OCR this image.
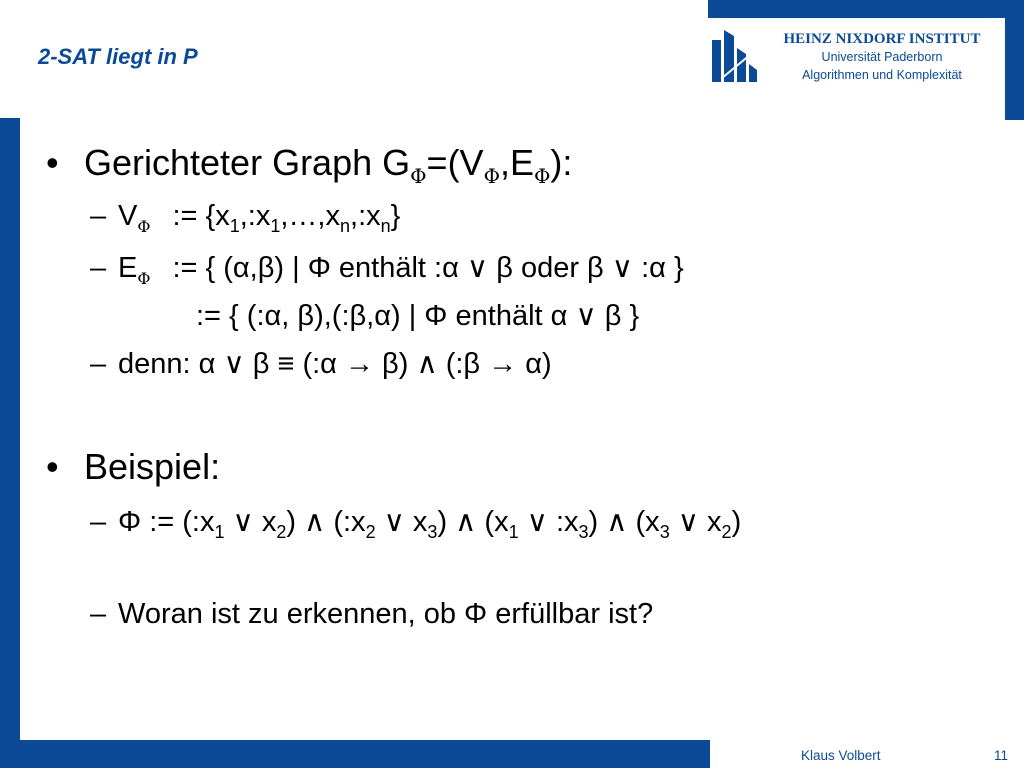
2-SAT liegt in P
HEINZ NIXDORF INSTITUT
Universität Paderborn
Algorithmen und Komplexität
• Gerichteter Graph $G_\Phi=(V_\Phi,E_\Phi)$:
– $V_\Phi$ := $\{x_1,:x_1,\dots,x_n,:x_n\}$
– $E_\Phi$ := { (α,β) | Φ enthält :α ∨ β oder β ∨ :α }
:= { (:α, β),(:β,α) | Φ enthält α ∨ β }
– denn: α ∨ β ≡ (:α → β) ∧ (:β → α)
• Beispiel:
– Φ := ($:x_1$ ∨ $x_2$) ∧ ($:x_2$ ∨ $x_3$) ∧ ($x_1$ ∨ $:x_3$) ∧ ($x_3$ ∨ $x_2$)
– Woran ist zu erkennen, ob Φ erfüllbar ist?
Klaus Volbert	11
